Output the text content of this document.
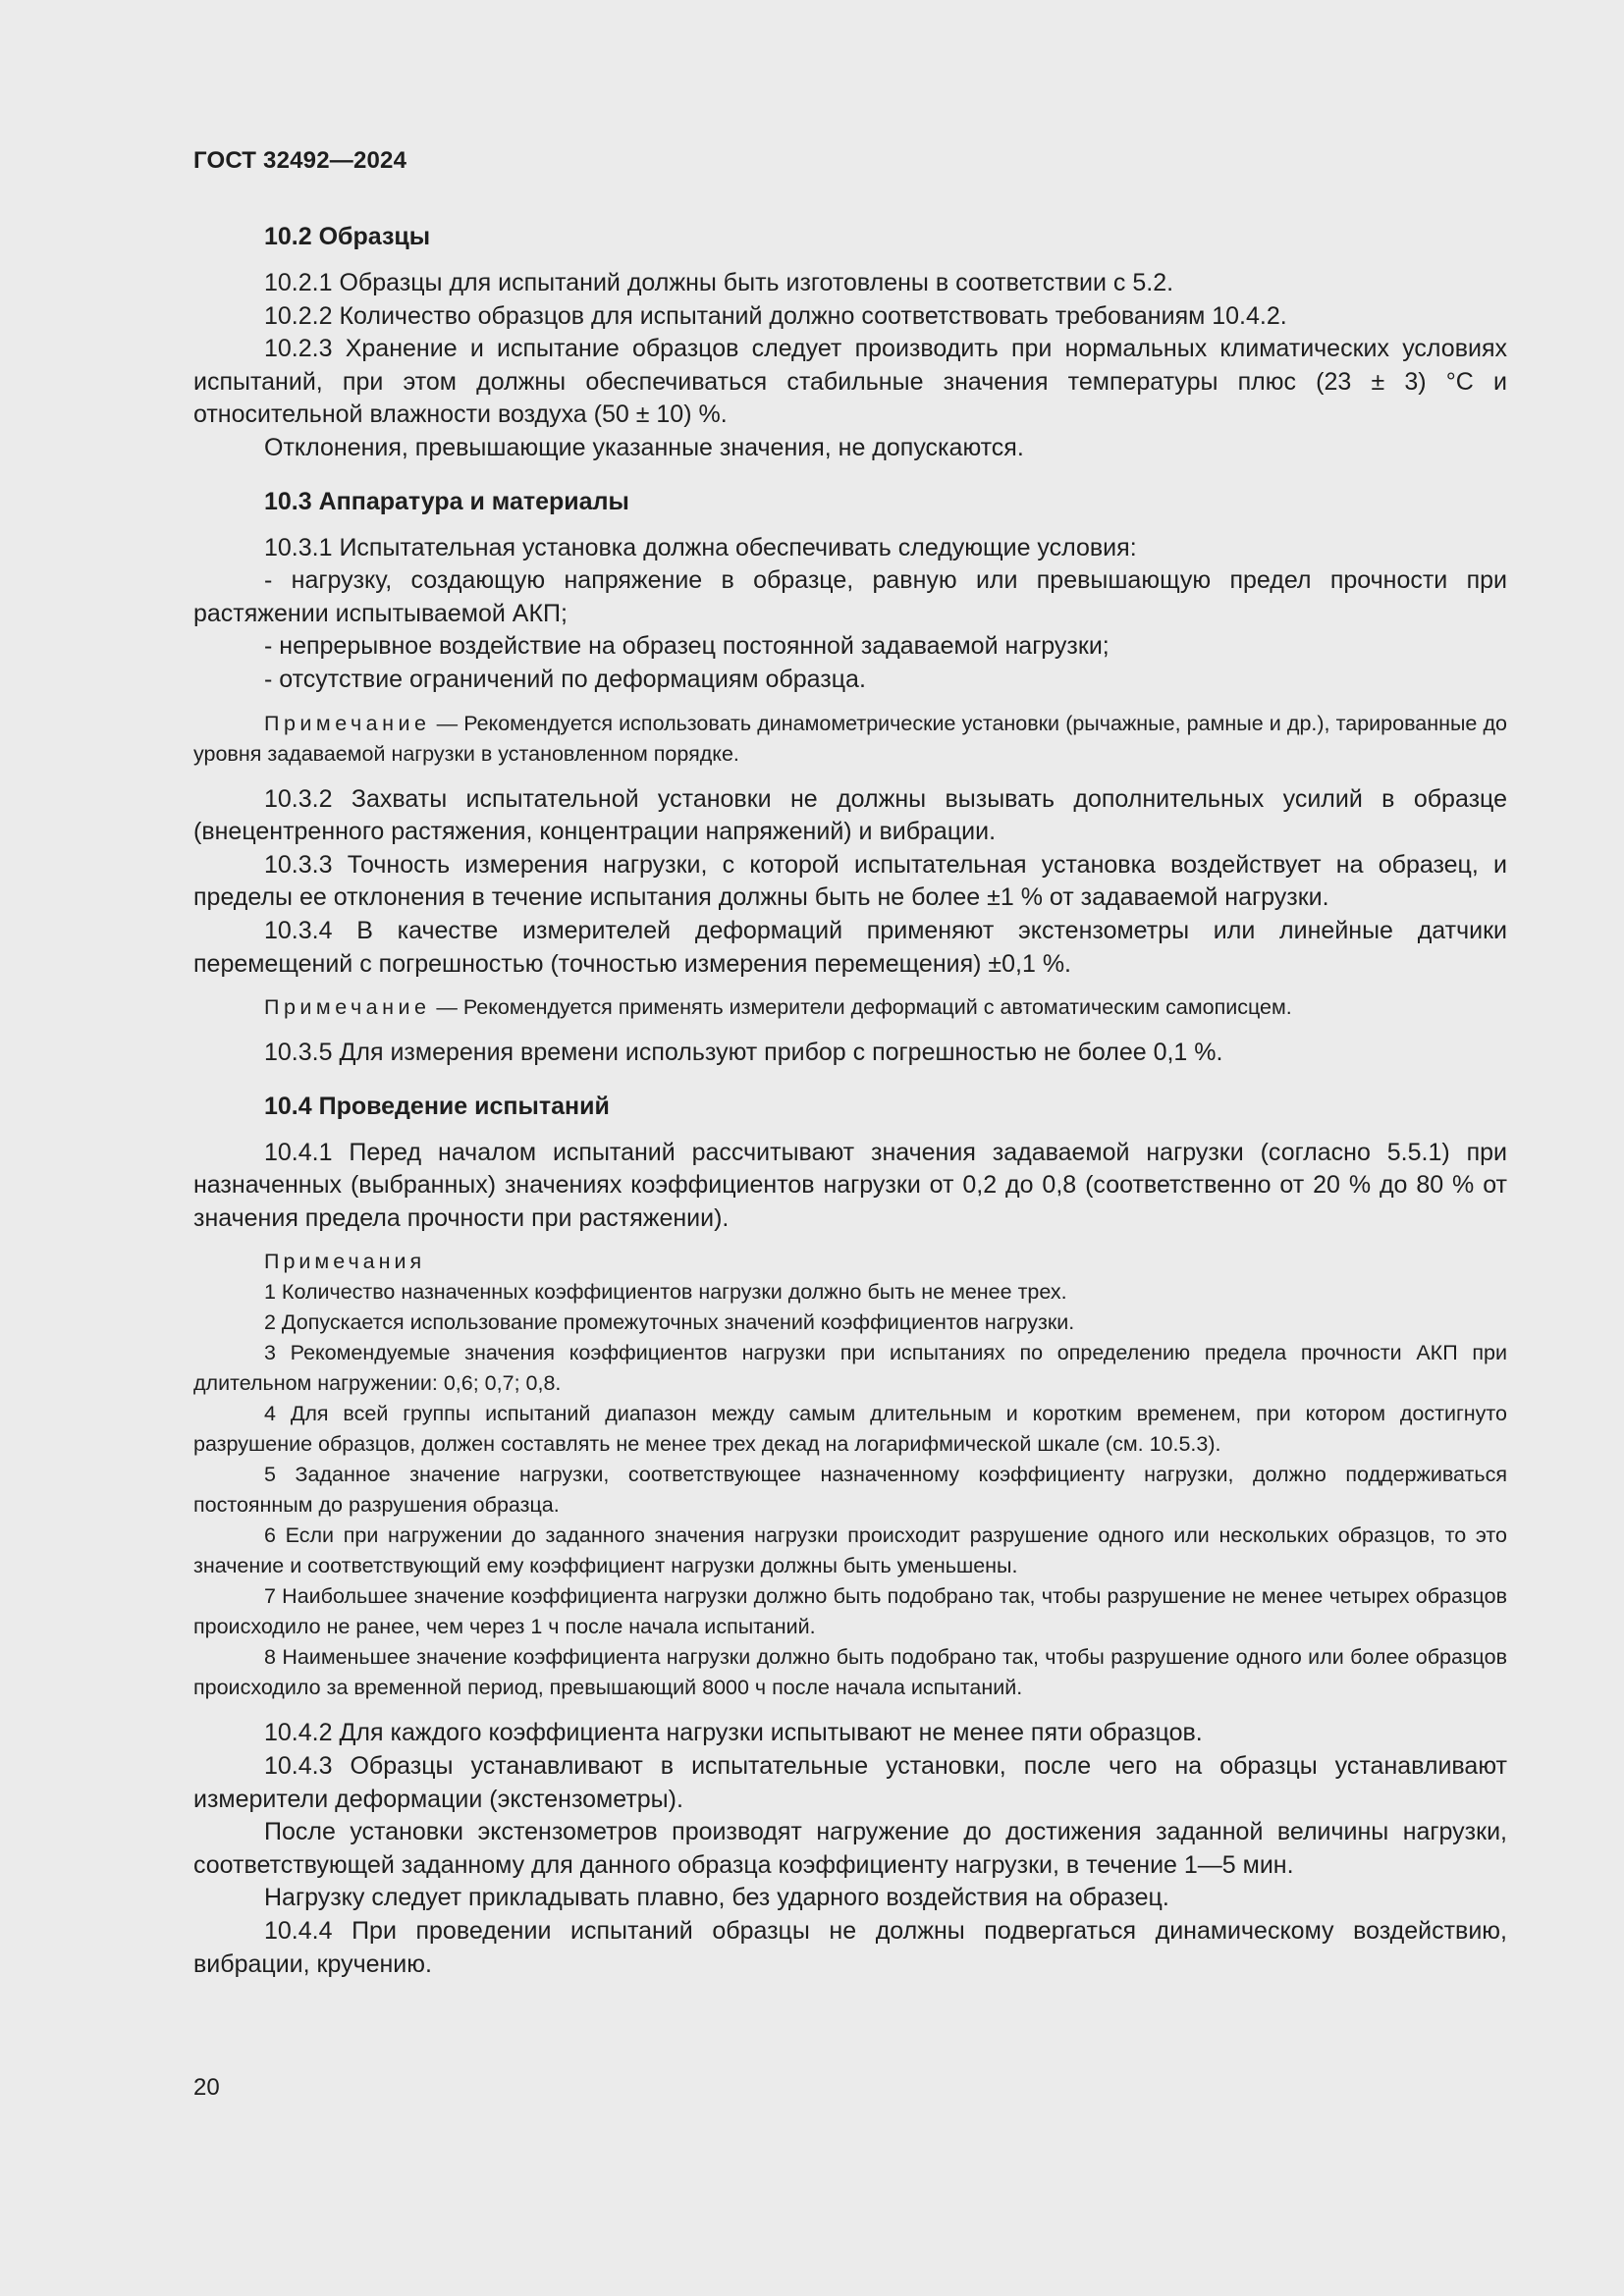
ГОСТ 32492—2024
10.2 Образцы

10.2.1 Образцы для испытаний должны быть изготовлены в соответствии с 5.2.

10.2.2 Количество образцов для испытаний должно соответствовать требованиям 10.4.2.

10.2.3 Хранение и испытание образцов следует производить при нормальных климатических условиях испытаний, при этом должны обеспечиваться стабильные значения температуры плюс (23 ± 3) °С и относительной влажности воздуха (50 ± 10) %.

Отклонения, превышающие указанные значения, не допускаются.

10.3 Аппаратура и материалы

10.3.1 Испытательная установка должна обеспечивать следующие условия:

- нагрузку, создающую напряжение в образце, равную или превышающую предел прочности при растяжении испытываемой АКП;

- непрерывное воздействие на образец постоянной задаваемой нагрузки;

- отсутствие ограничений по деформациям образца.

Примечание — Рекомендуется использовать динамометрические установки (рычажные, рамные и др.), тарированные до уровня задаваемой нагрузки в установленном порядке.

10.3.2 Захваты испытательной установки не должны вызывать дополнительных усилий в образце (внецентренного растяжения, концентрации напряжений) и вибрации.

10.3.3 Точность измерения нагрузки, с которой испытательная установка воздействует на образец, и пределы ее отклонения в течение испытания должны быть не более ±1 % от задаваемой нагрузки.

10.3.4 В качестве измерителей деформаций применяют экстензометры или линейные датчики перемещений с погрешностью (точностью измерения перемещения) ±0,1 %.

Примечание — Рекомендуется применять измерители деформаций с автоматическим самописцем.

10.3.5 Для измерения времени используют прибор с погрешностью не более 0,1 %.

10.4 Проведение испытаний

10.4.1 Перед началом испытаний рассчитывают значения задаваемой нагрузки (согласно 5.5.1) при назначенных (выбранных) значениях коэффициентов нагрузки от 0,2 до 0,8 (соответственно от 20 % до 80 % от значения предела прочности при растяжении).

Примечания

1 Количество назначенных коэффициентов нагрузки должно быть не менее трех.

2 Допускается использование промежуточных значений коэффициентов нагрузки.

3 Рекомендуемые значения коэффициентов нагрузки при испытаниях по определению предела прочности АКП при длительном нагружении: 0,6; 0,7; 0,8.

4 Для всей группы испытаний диапазон между самым длительным и коротким временем, при котором достигнуто разрушение образцов, должен составлять не менее трех декад на логарифмической шкале (см. 10.5.3).

5 Заданное значение нагрузки, соответствующее назначенному коэффициенту нагрузки, должно поддерживаться постоянным до разрушения образца.

6 Если при нагружении до заданного значения нагрузки происходит разрушение одного или нескольких образцов, то это значение и соответствующий ему коэффициент нагрузки должны быть уменьшены.

7 Наибольшее значение коэффициента нагрузки должно быть подобрано так, чтобы разрушение не менее четырех образцов происходило не ранее, чем через 1 ч после начала испытаний.

8 Наименьшее значение коэффициента нагрузки должно быть подобрано так, чтобы разрушение одного или более образцов происходило за временной период, превышающий 8000 ч после начала испытаний.

10.4.2 Для каждого коэффициента нагрузки испытывают не менее пяти образцов.

10.4.3 Образцы устанавливают в испытательные установки, после чего на образцы устанавливают измерители деформации (экстензометры).

После установки экстензометров производят нагружение до достижения заданной величины нагрузки, соответствующей заданному для данного образца коэффициенту нагрузки, в течение 1—5 мин.

Нагрузку следует прикладывать плавно, без ударного воздействия на образец.

10.4.4 При проведении испытаний образцы не должны подвергаться динамическому воздействию, вибрации, кручению.

20
